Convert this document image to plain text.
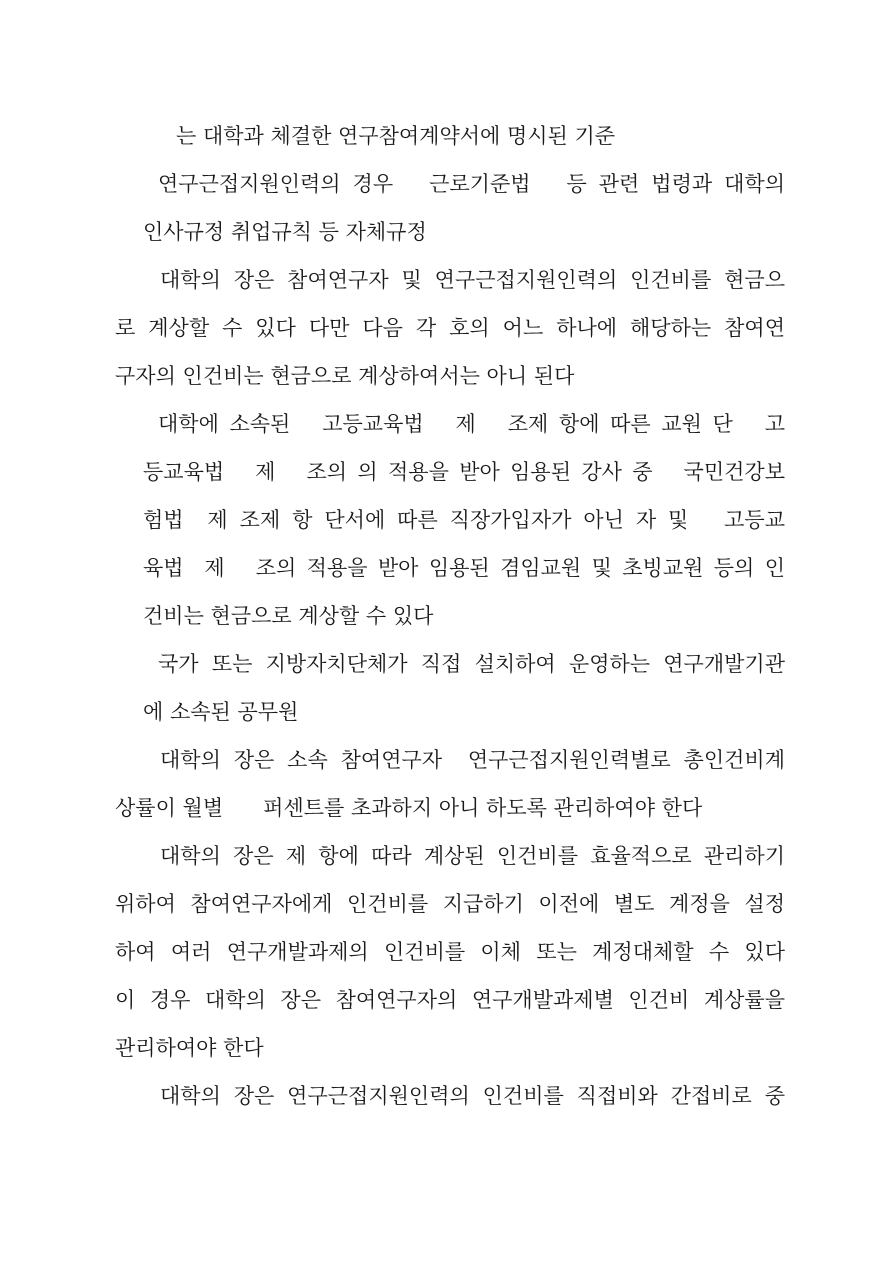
는 대학과 체결한 연구참여계약서에 명시된 기준
연구근접지원인력의 경우   근로기준법   등 관련 법령과 대학의
인사규정 취업규칙 등 자체규정
대학의 장은 참여연구자 및 연구근접지원인력의 인건비를 현금으
로 계상할 수 있다 다만 다음 각 호의 어느 하나에 해당하는 참여연
구자의 인건비는 현금으로 계상하여서는 아니 된다
대학에 소속된   고등교육법   제   조제 항에 따른 교원 단   고
등교육법   제   조의 의 적용을 받아 임용된 강사 중   국민건강보
험법  제 조제 항 단서에 따른 직장가입자가 아닌 자 및   고등교
육법  제   조의 적용을 받아 임용된 겸임교원 및 초빙교원 등의 인
건비는 현금으로 계상할 수 있다
국가 또는 지방자치단체가 직접 설치하여 운영하는 연구개발기관
에 소속된 공무원
대학의 장은 소속 참여연구자  연구근접지원인력별로 총인건비계
상률이 월별      퍼센트를 초과하지 아니 하도록 관리하여야 한다
대학의 장은 제 항에 따라 계상된 인건비를 효율적으로 관리하기
위하여 참여연구자에게 인건비를 지급하기 이전에 별도 계정을 설정
하여 여러 연구개발과제의 인건비를 이체 또는 계정대체할 수 있다
이 경우 대학의 장은 참여연구자의 연구개발과제별 인건비 계상률을
관리하여야 한다
대학의 장은 연구근접지원인력의 인건비를 직접비와 간접비로 중
